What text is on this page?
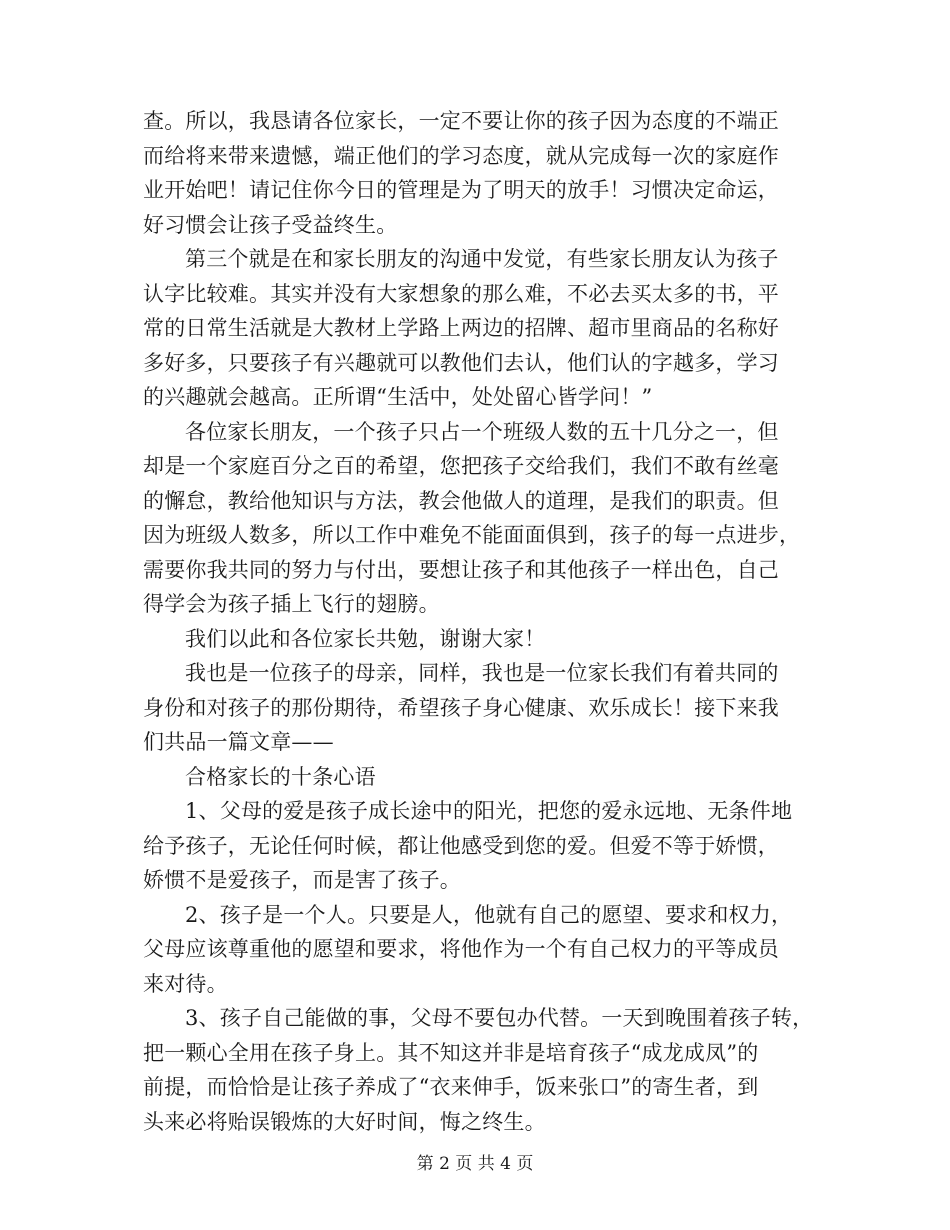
查。所以，我恳请各位家长，一定不要让你的孩子因为态度的不端正
而给将来带来遗憾，端正他们的学习态度，就从完成每一次的家庭作
业开始吧！请记住你今日的管理是为了明天的放手！习惯决定命运，
好习惯会让孩子受益终生。
第三个就是在和家长朋友的沟通中发觉，有些家长朋友认为孩子
认字比较难。其实并没有大家想象的那么难，不必去买太多的书，平
常的日常生活就是大教材上学路上两边的招牌、超市里商品的名称好
多好多，只要孩子有兴趣就可以教他们去认，他们认的字越多，学习
的兴趣就会越高。正所谓“生活中，处处留心皆学问！”
各位家长朋友，一个孩子只占一个班级人数的五十几分之一，但
却是一个家庭百分之百的希望，您把孩子交给我们，我们不敢有丝毫
的懈怠，教给他知识与方法，教会他做人的道理，是我们的职责。但
因为班级人数多，所以工作中难免不能面面俱到，孩子的每一点进步，
需要你我共同的努力与付出，要想让孩子和其他孩子一样出色，自己
得学会为孩子插上飞行的翅膀。
我们以此和各位家长共勉，谢谢大家！
我也是一位孩子的母亲，同样，我也是一位家长我们有着共同的
身份和对孩子的那份期待，希望孩子身心健康、欢乐成长！接下来我
们共品一篇文章——
合格家长的十条心语
1、父母的爱是孩子成长途中的阳光，把您的爱永远地、无条件地
给予孩子，无论任何时候，都让他感受到您的爱。但爱不等于娇惯，
娇惯不是爱孩子，而是害了孩子。
2、孩子是一个人。只要是人，他就有自己的愿望、要求和权力，
父母应该尊重他的愿望和要求，将他作为一个有自己权力的平等成员
来对待。
3、孩子自己能做的事，父母不要包办代替。一天到晚围着孩子转，
把一颗心全用在孩子身上。其不知这并非是培育孩子“成龙成凤”的
前提，而恰恰是让孩子养成了“衣来伸手，饭来张口”的寄生者，到
头来必将贻误锻炼的大好时间，悔之终生。
第 2 页 共 4 页
